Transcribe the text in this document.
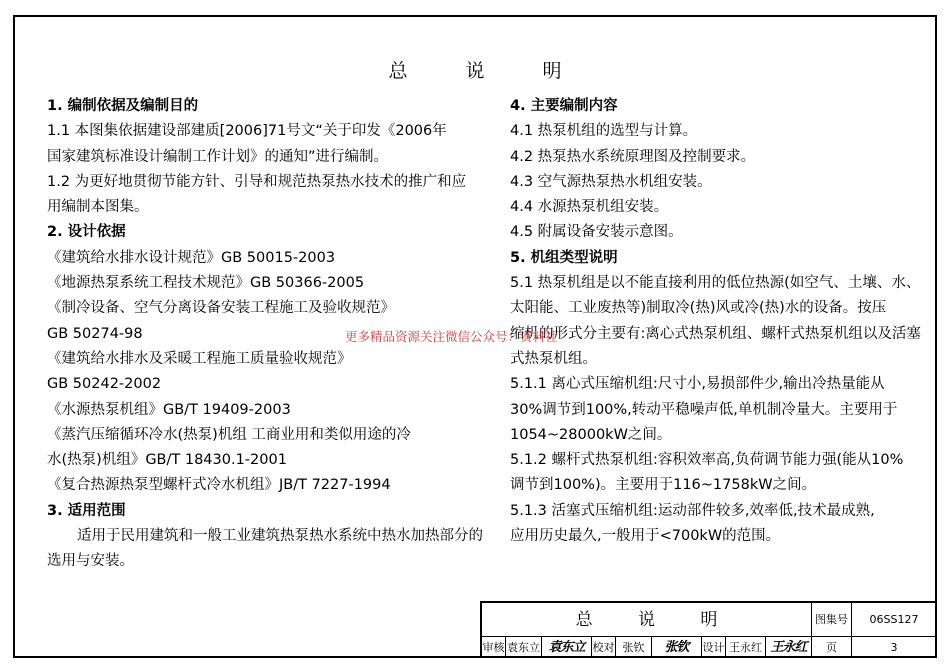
总 说 明
1. 编制依据及编制目的
1.1 本图集依据建设部建质[2006]71号文“关于印发《2006年
国家建筑标准设计编制工作计划》的通知”进行编制。
1.2 为更好地贯彻节能方针、引导和规范热泵热水技术的推广和应
用编制本图集。
2. 设计依据
《建筑给水排水设计规范》GB 50015-2003
《地源热泵系统工程技术规范》GB 50366-2005
《制冷设备、空气分离设备安装工程施工及验收规范》
GB 50274-98
《建筑给水排水及采暖工程施工质量验收规范》
GB 50242-2002
《水源热泵机组》GB/T 19409-2003
《蒸汽压缩循环冷水(热泵)机组 工商业用和类似用途的冷
水(热泵)机组》GB/T 18430.1-2001
《复合热源热泵型螺杆式冷水机组》JB/T 7227-1994
3. 适用范围
适用于民用建筑和一般工业建筑热泵热水系统中热水加热部分的
选用与安装。
4. 主要编制内容
4.1 热泵机组的选型与计算。
4.2 热泵热水系统原理图及控制要求。
4.3 空气源热泵热水机组安装。
4.4 水源热泵机组安装。
4.5 附属设备安装示意图。
5. 机组类型说明
5.1 热泵机组是以不能直接利用的低位热源(如空气、土壤、水、
太阳能、工业废热等)制取冷(热)风或冷(热)水的设备。按压
缩机的形式分主要有:离心式热泵机组、螺杆式热泵机组以及活塞
式热泵机组。
5.1.1 离心式压缩机组:尺寸小,易损部件少,输出冷热量能从
30%调节到100%,转动平稳噪声低,单机制冷量大。主要用于
1054~28000kW之间。
5.1.2 螺杆式热泵机组:容积效率高,负荷调节能力强(能从10%
调节到100%)。主要用于116~1758kW之间。
5.1.3 活塞式压缩机组:运动部件较多,效率低,技术最成熟,
应用历史最久,一般用于<700kW的范围。
更多精品资源关注微信公众号：资料社
总 说 明	图集号	06SS127
审核 袁东立 袁东立 校对 张钦	张钦	设计 王永红 王永红	页	3
